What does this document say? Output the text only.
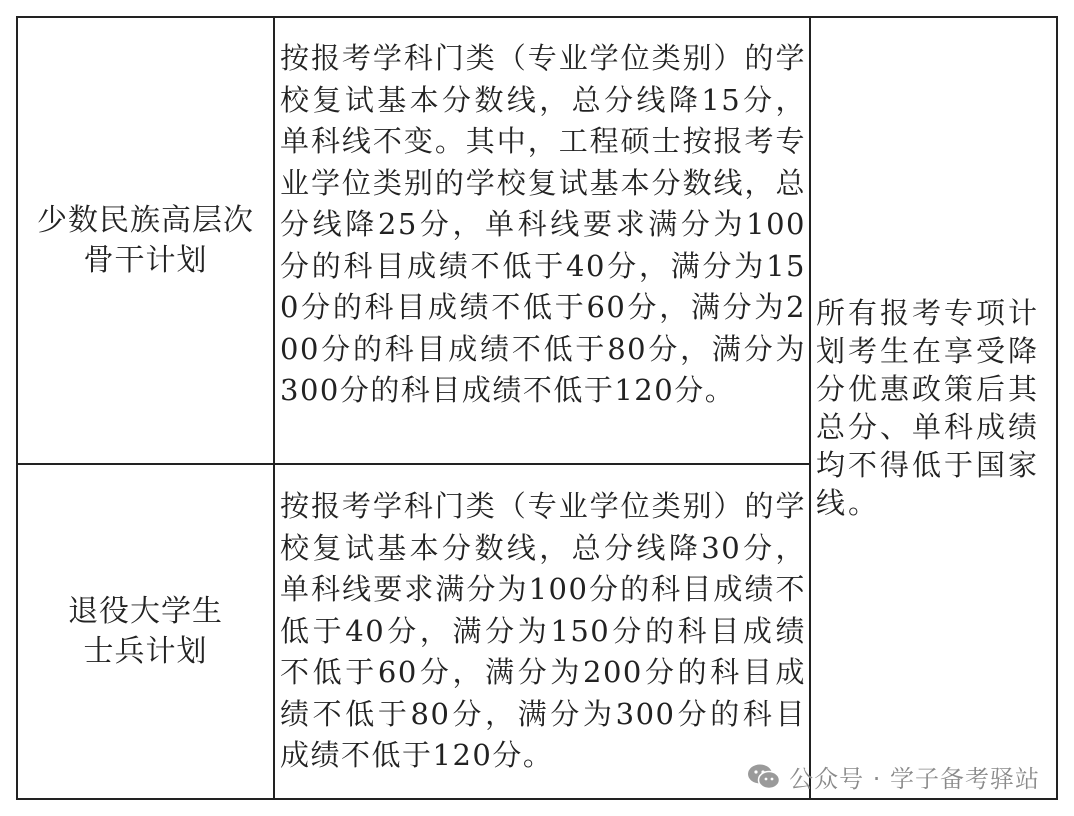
少数民族高层次骨干计划
按报考学科门类（专业学位类别）的学校复试基本分数线，总分线降15分，单科线不变。其中，工程硕士按报考专业学位类别的学校复试基本分数线，总分线降25分，单科线要求满分为100分的科目成绩不低于40分，满分为150分的科目成绩不低于60分，满分为200分的科目成绩不低于80分，满分为300分的科目成绩不低于120分。
退役大学生士兵计划
按报考学科门类（专业学位类别）的学校复试基本分数线，总分线降30分，单科线要求满分为100分的科目成绩不低于40分，满分为150分的科目成绩不低于60分，满分为200分的科目成绩不低于80分，满分为300分的科目成绩不低于120分。
所有报考专项计划考生在享受降分优惠政策后其总分、单科成绩均不得低于国家线。
公众号 · 学子备考驿站
